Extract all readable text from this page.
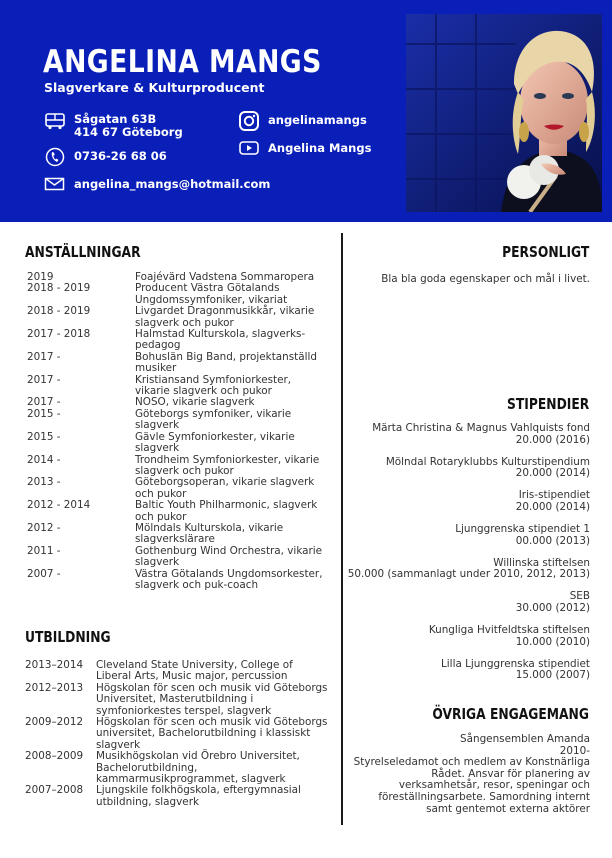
ANGELINA MANGS
Slagverkare & Kulturproducent
Sågatan 63B
414 67 Göteborg
0736-26 68 06
angelina_mangs@hotmail.com
angelinamangs
Angelina Mangs
ANSTÄLLNINGAR
2019	Foajévärd Vadstena Sommaropera
2018 - 2019	Producent Västra Götalands Ungdomssymfoniker, vikariat
2018 - 2019	Livgardet Dragonmusikkår, vikarie slagverk och pukor
2017 - 2018	Halmstad Kulturskola, slagverks-pedagog
2017 -	Bohuslän Big Band, projektanställd musiker
2017 -	Kristiansand Symfoniorkester, vikarie slagverk och pukor
2017 -	NOSO, vikarie slagverk
2015 -	Göteborgs symfoniker, vikarie slagverk
2015 -	Gävle Symfoniorkester, vikarie slagverk
2014 -	Trondheim Symfoniorkester, vikarie slagverk och pukor
2013 -	Göteborgsoperan, vikarie slagverk och pukor
2012 - 2014	Baltic Youth Philharmonic, slagverk och pukor
2012 -	Mölndals Kulturskola, vikarie slagverkslärare
2011 -	Gothenburg Wind Orchestra, vikarie slagverk
2007 -	Västra Götalands Ungdomsorkester, slagverk och puk-coach
UTBILDNING
2013–2014	Cleveland State University, College of Liberal Arts, Music major, percussion
2012–2013	Högskolan för scen och musik vid Göteborgs Universitet, Masterutbildning i symfoniorkestes terspel, slagverk
2009–2012	Högskolan för scen och musik vid Göteborgs universitet, Bachelorutbildning i klassiskt slagverk
2008–2009	Musikhögskolan vid Örebro Universitet, Bachelorutbildning, kammarmusikprogrammet, slagverk
2007–2008	Ljungskile folkhögskola, eftergymnasial utbildning, slagverk
PERSONLIGT
Bla bla goda egenskaper och mål i livet.
STIPENDIER
Märta Christina & Magnus Vahlquists fond
20.000 (2016)
Mölndal Rotaryklubbs Kulturstipendium
20.000 (2014)
Iris-stipendiet
20.000 (2014)
Ljunggrenska stipendiet 1
00.000 (2013)
Willinska stiftelsen
50.000 (sammanlagt under 2010, 2012, 2013)
SEB
30.000 (2012)
Kungliga Hvitfeldtska stiftelsen
10.000 (2010)
Lilla Ljunggrenska stipendiet
15.000 (2007)
ÖVRIGA ENGAGEMANG
Sångensemblen Amanda
2010-
Styrelseledamot och medlem av Konstnärliga Rådet. Ansvar för planering av verksamhetsår, resor, speningar och föreställningsarbete. Samordning internt samt gentemot externa aktörer
